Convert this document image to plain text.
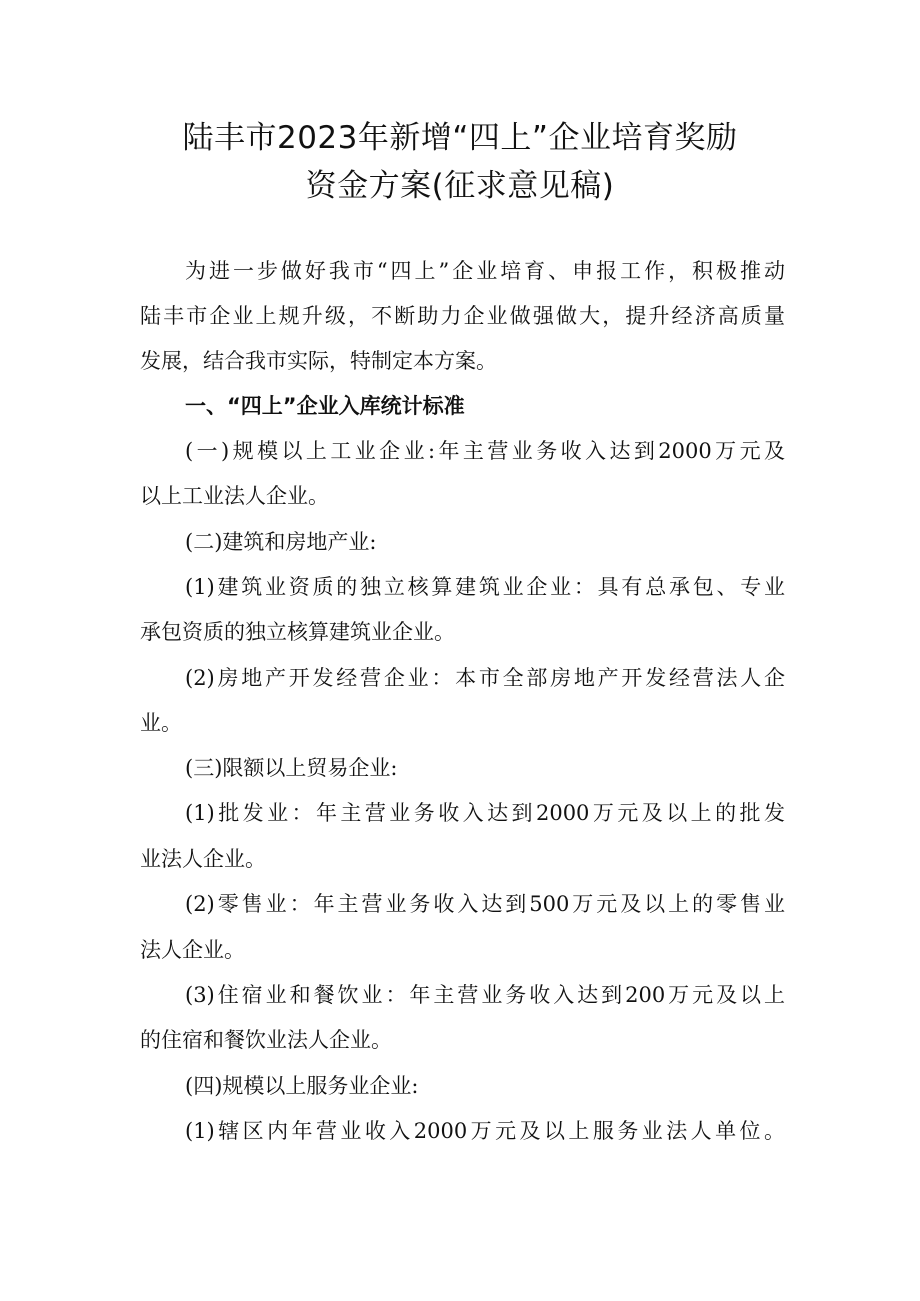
陆丰市2023年新增“四上”企业培育奖励
资金方案(征求意见稿)
为进一步做好我市“四上”企业培育、申报工作，积极推动
陆丰市企业上规升级，不断助力企业做强做大，提升经济高质量
发展，结合我市实际，特制定本方案。
一、“四上”企业入库统计标准
(一)规模以上工业企业:年主营业务收入达到2000万元及
以上工业法人企业。
(二)建筑和房地产业:
(1)建筑业资质的独立核算建筑业企业：具有总承包、专业
承包资质的独立核算建筑业企业。
(2)房地产开发经营企业：本市全部房地产开发经营法人企
业。
(三)限额以上贸易企业:
(1)批发业：年主营业务收入达到2000万元及以上的批发
业法人企业。
(2)零售业：年主营业务收入达到500万元及以上的零售业
法人企业。
(3)住宿业和餐饮业：年主营业务收入达到200万元及以上
的住宿和餐饮业法人企业。
(四)规模以上服务业企业:
(1)辖区内年营业收入2000万元及以上服务业法人单位。
